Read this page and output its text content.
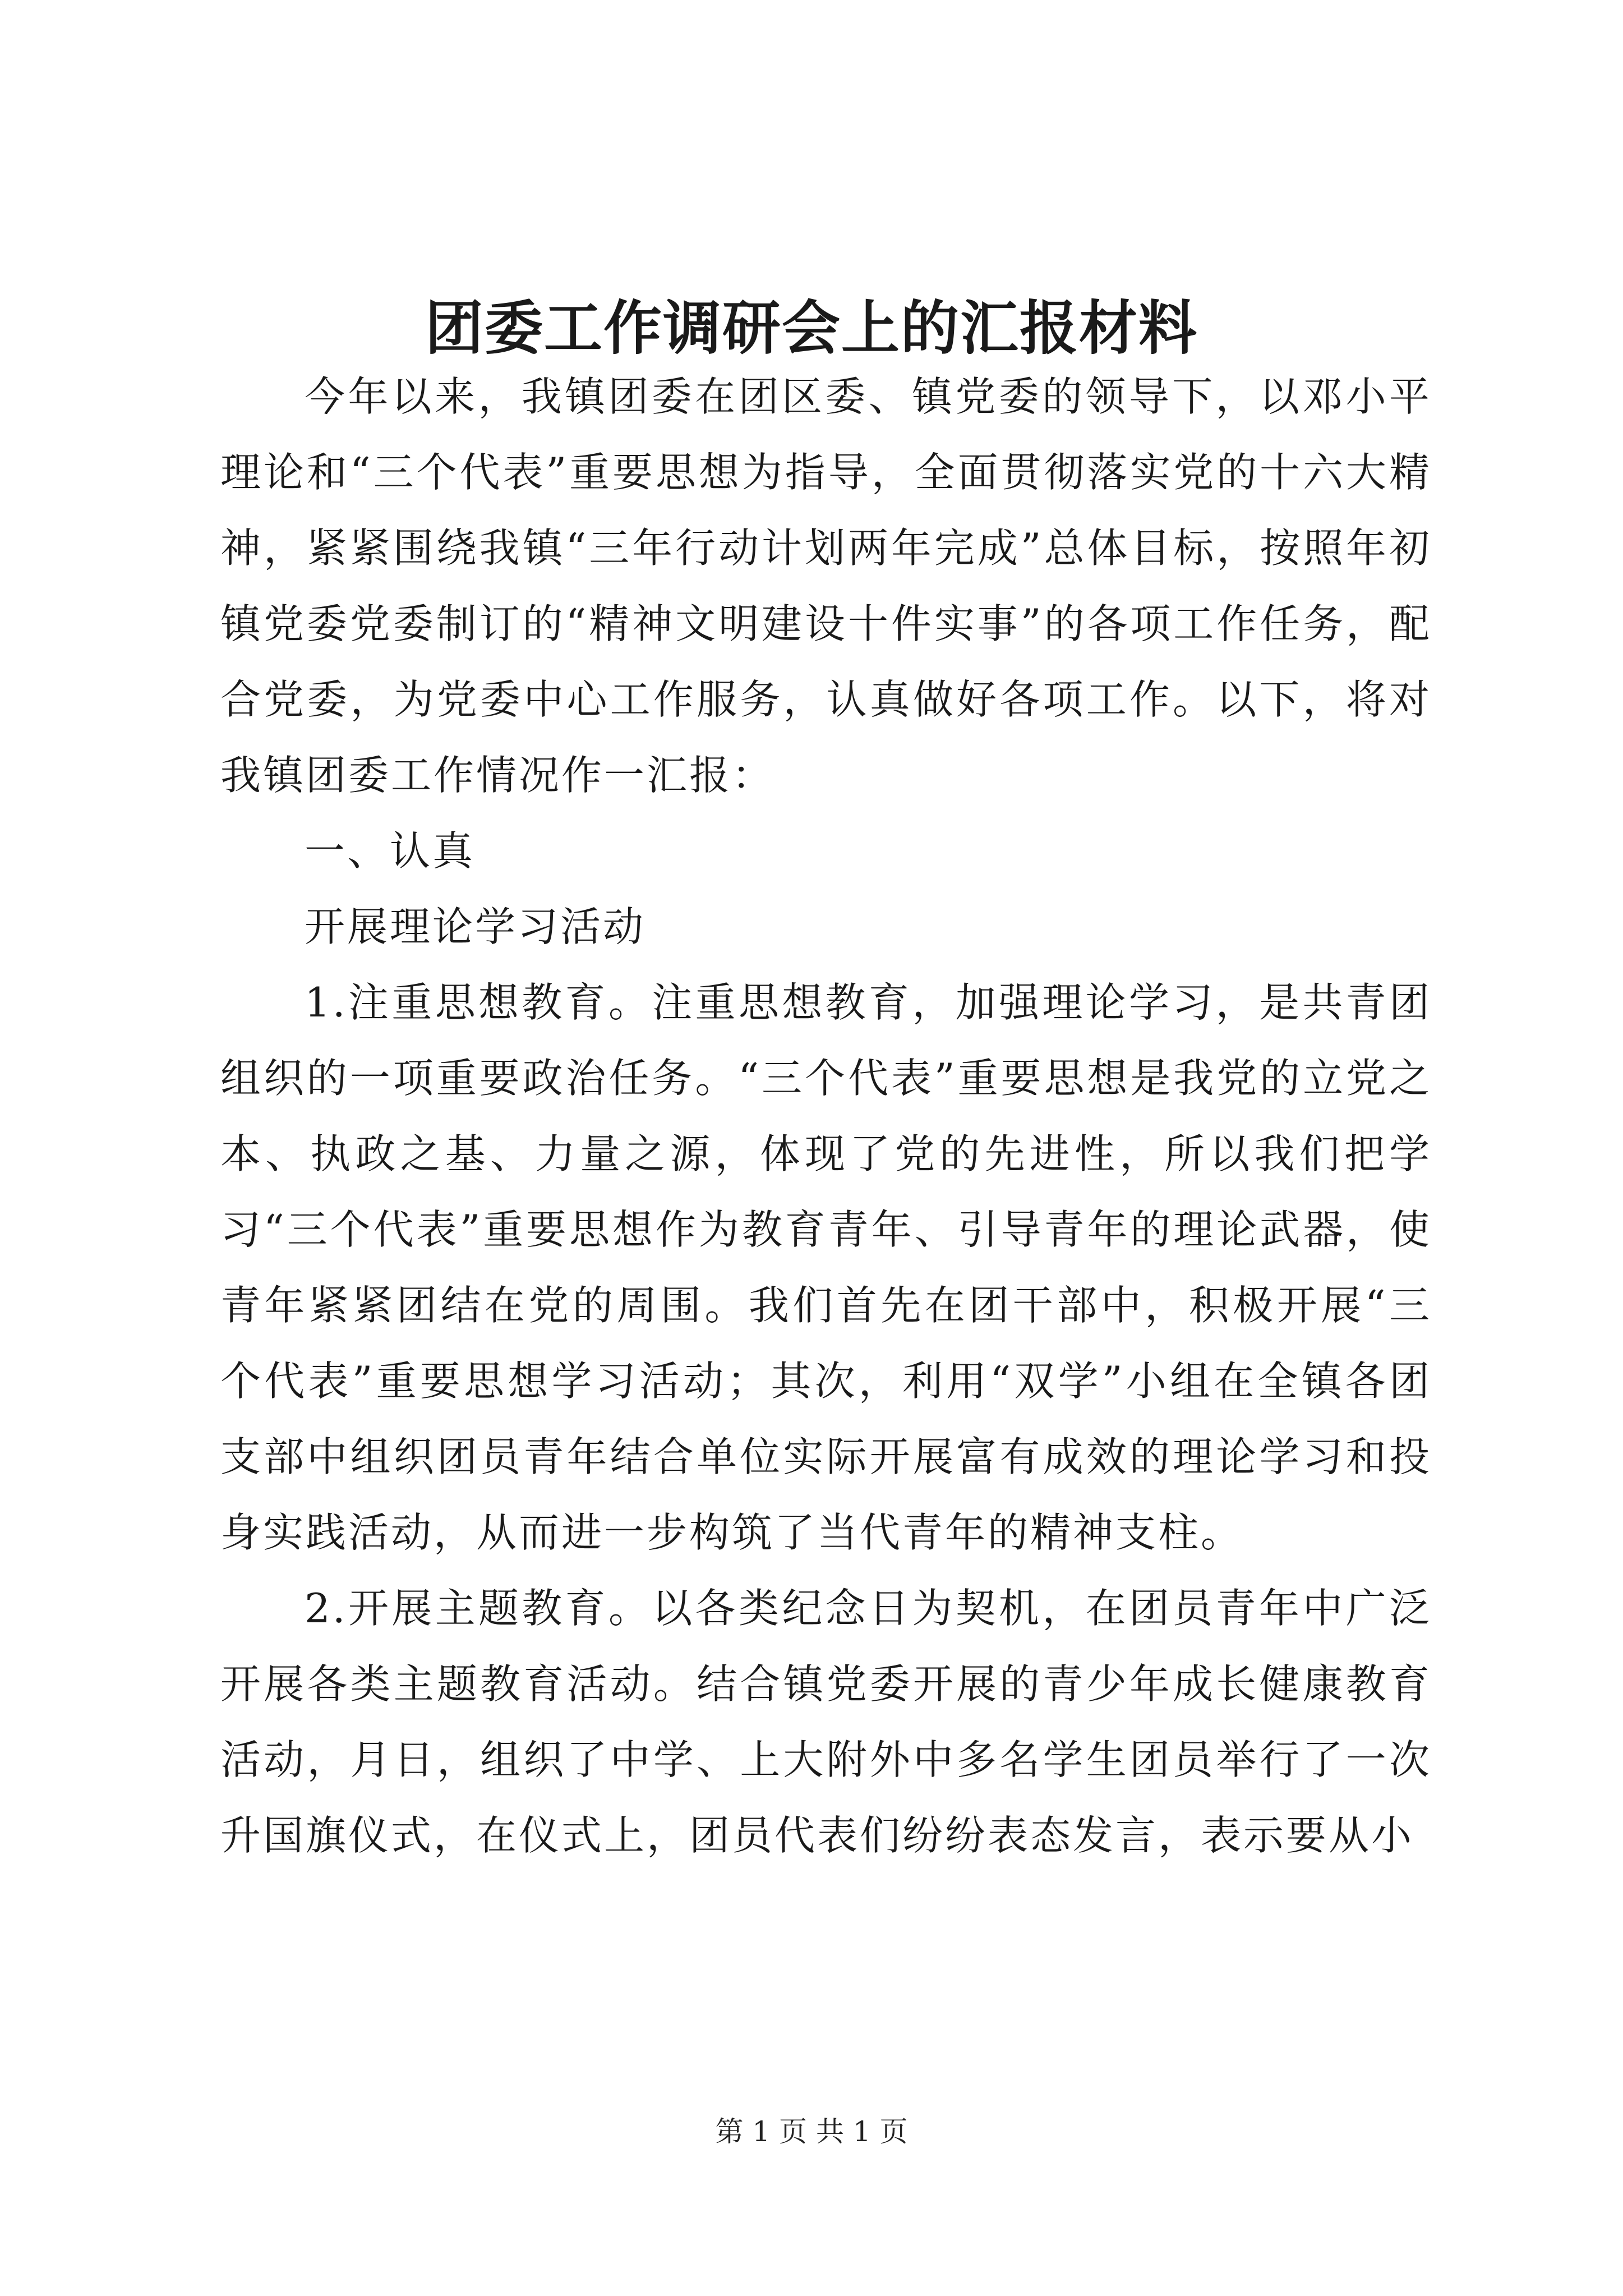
团委工作调研会上的汇报材料

今年以来，我镇团委在团区委、镇党委的领导下，以邓小平理论和“三个代表”重要思想为指导，全面贯彻落实党的十六大精神，紧紧围绕我镇“三年行动计划两年完成”总体目标，按照年初镇党委党委制订的“精神文明建设十件实事”的各项工作任务，配合党委，为党委中心工作服务，认真做好各项工作。以下，将对我镇团委工作情况作一汇报：

一、认真

开展理论学习活动

1.注重思想教育。注重思想教育，加强理论学习，是共青团组织的一项重要政治任务。“三个代表”重要思想是我党的立党之本、执政之基、力量之源，体现了党的先进性，所以我们把学习“三个代表”重要思想作为教育青年、引导青年的理论武器，使青年紧紧团结在党的周围。我们首先在团干部中，积极开展“三个代表”重要思想学习活动；其次，利用“双学”小组在全镇各团支部中组织团员青年结合单位实际开展富有成效的理论学习和投身实践活动，从而进一步构筑了当代青年的精神支柱。

2.开展主题教育。以各类纪念日为契机，在团员青年中广泛开展各类主题教育活动。结合镇党委开展的青少年成长健康教育活动，月日，组织了中学、上大附外中多名学生团员举行了一次升国旗仪式，在仪式上，团员代表们纷纷表态发言，表示要从小

第 1 页 共 1 页
